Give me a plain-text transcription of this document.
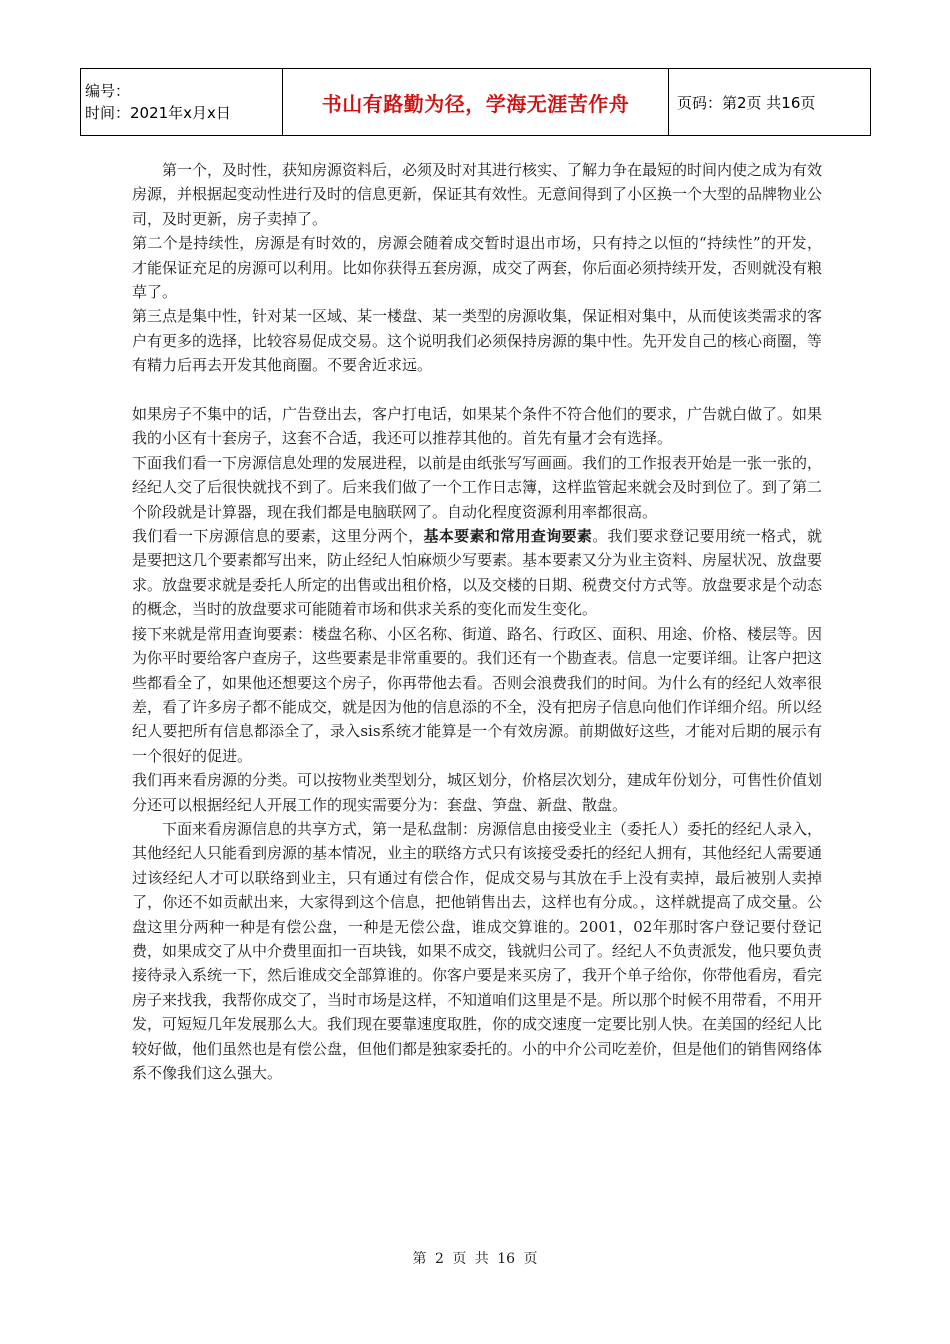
编号：
时间：2021年x月x日	书山有路勤为径，学海无涯苦作舟	页码：第2页 共16页

第一个，及时性，获知房源资料后，必须及时对其进行核实、了解力争在最短的时间内使之成为有效房源，并根据起变动性进行及时的信息更新，保证其有效性。无意间得到了小区换一个大型的品牌物业公司，及时更新，房子卖掉了。

第二个是持续性，房源是有时效的，房源会随着成交暂时退出市场，只有持之以恒的“持续性”的开发，才能保证充足的房源可以利用。比如你获得五套房源，成交了两套，你后面必须持续开发，否则就没有粮草了。

第三点是集中性，针对某一区域、某一楼盘、某一类型的房源收集，保证相对集中，从而使该类需求的客户有更多的选择，比较容易促成交易。这个说明我们必须保持房源的集中性。先开发自己的核心商圈，等有精力后再去开发其他商圈。不要舍近求远。

如果房子不集中的话，广告登出去，客户打电话，如果某个条件不符合他们的要求，广告就白做了。如果我的小区有十套房子，这套不合适，我还可以推荐其他的。首先有量才会有选择。

下面我们看一下房源信息处理的发展进程，以前是由纸张写写画画。我们的工作报表开始是一张一张的，经纪人交了后很快就找不到了。后来我们做了一个工作日志簿，这样监管起来就会及时到位了。到了第二个阶段就是计算器，现在我们都是电脑联网了。自动化程度资源利用率都很高。

我们看一下房源信息的要素，这里分两个，基本要素和常用查询要素。我们要求登记要用统一格式，就是要把这几个要素都写出来，防止经纪人怕麻烦少写要素。基本要素又分为业主资料、房屋状况、放盘要求。放盘要求就是委托人所定的出售或出租价格，以及交楼的日期、税费交付方式等。放盘要求是个动态的概念，当时的放盘要求可能随着市场和供求关系的变化而发生变化。

接下来就是常用查询要素：楼盘名称、小区名称、街道、路名、行政区、面积、用途、价格、楼层等。因为你平时要给客户查房子，这些要素是非常重要的。我们还有一个勘查表。信息一定要详细。让客户把这些都看全了，如果他还想要这个房子，你再带他去看。否则会浪费我们的时间。为什么有的经纪人效率很差，看了许多房子都不能成交，就是因为他的信息添的不全，没有把房子信息向他们作详细介绍。所以经纪人要把所有信息都添全了，录入sis系统才能算是一个有效房源。前期做好这些，才能对后期的展示有一个很好的促进。

我们再来看房源的分类。可以按物业类型划分，城区划分，价格层次划分，建成年份划分，可售性价值划分还可以根据经纪人开展工作的现实需要分为：套盘、笋盘、新盘、散盘。

下面来看房源信息的共享方式，第一是私盘制：房源信息由接受业主（委托人）委托的经纪人录入，其他经纪人只能看到房源的基本情况，业主的联络方式只有该接受委托的经纪人拥有，其他经纪人需要通过该经纪人才可以联络到业主，只有通过有偿合作，促成交易与其放在手上没有卖掉，最后被别人卖掉了，你还不如贡献出来，大家得到这个信息，把他销售出去，这样也有分成。，这样就提高了成交量。公盘这里分两种一种是有偿公盘，一种是无偿公盘，谁成交算谁的。2001，02年那时客户登记要付登记费，如果成交了从中介费里面扣一百块钱，如果不成交，钱就归公司了。经纪人不负责派发，他只要负责接待录入系统一下，然后谁成交全部算谁的。你客户要是来买房了，我开个单子给你，你带他看房，看完房子来找我，我帮你成交了，当时市场是这样，不知道咱们这里是不是。所以那个时候不用带看，不用开发，可短短几年发展那么大。我们现在要靠速度取胜，你的成交速度一定要比别人快。在美国的经纪人比较好做，他们虽然也是有偿公盘，但他们都是独家委托的。小的中介公司吃差价，但是他们的销售网络体系不像我们这么强大。

第 2 页 共 16 页
